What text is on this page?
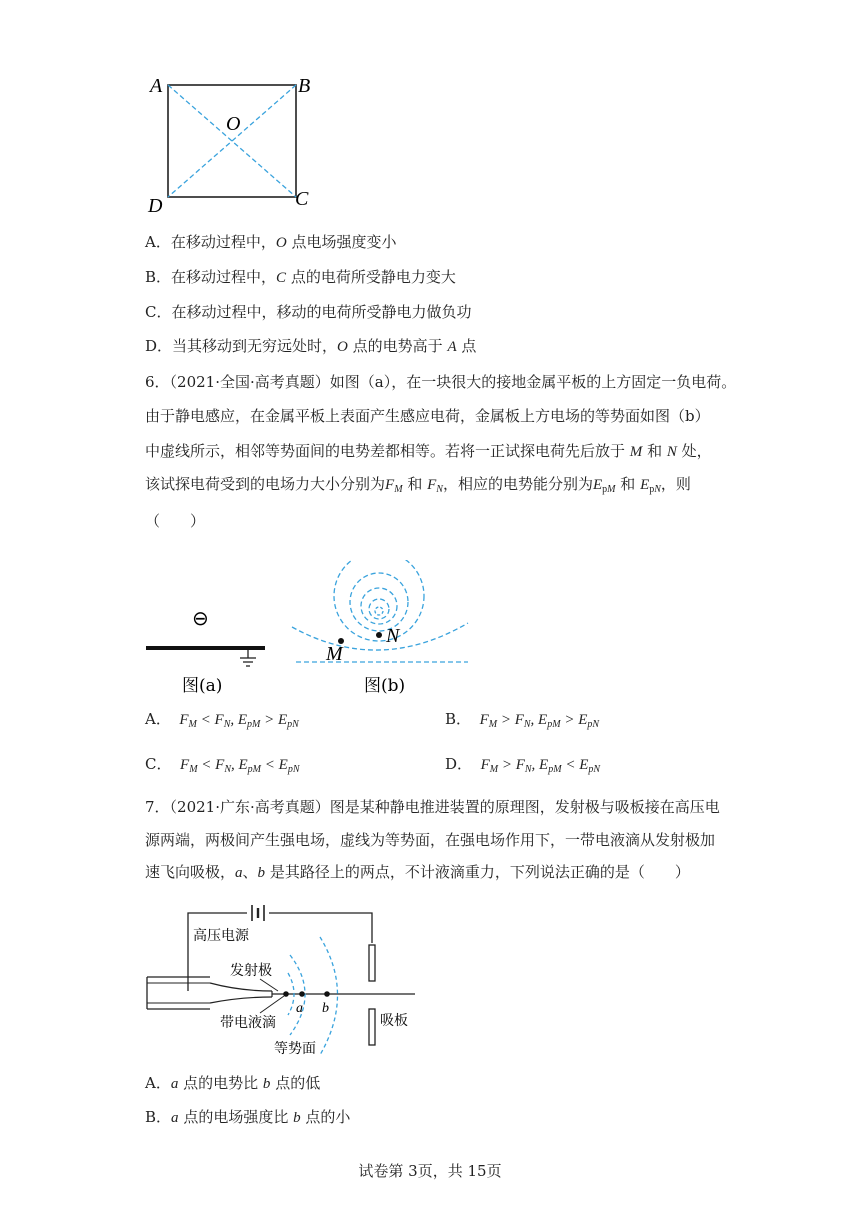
A	B
O
C
D
A．在移动过程中，O 点电场强度变小
B．在移动过程中，C 点的电荷所受静电力变大
C．在移动过程中，移动的电荷所受静电力做负功
D．当其移动到无穷远处时，O 点的电势高于 A 点
6．（2021·全国·高考真题）如图（a），在一块很大的接地金属平板的上方固定一负电荷。
由于静电感应，在金属平板上表面产生感应电荷，金属板上方电场的等势面如图（b）
中虚线所示，相邻等势面间的电势差都相等。若将一正试探电荷先后放于 M 和 N 处，
该试探电荷受到的电场力大小分别为$F_M$ 和 $F_N$，相应的电势能分别为$E_{pM}$ 和 $E_{pN}$，则
（　　）
⊖
图(a)
N
M
图(b)
A．  $F_M < F_N$, $E_{pM} > E_{pN}$	B．  $F_M > F_N$, $E_{pM} > E_{pN}$
C．  $F_M < F_N$, $E_{pM} < E_{pN}$	D．  $F_M > F_N$, $E_{pM} < E_{pN}$
7．（2021·广东·高考真题）图是某种静电推进装置的原理图，发射极与吸板接在高压电
源两端，两极间产生强电场，虚线为等势面，在强电场作用下，一带电液滴从发射极加
速飞向吸极，a、b 是其路径上的两点，不计液滴重力，下列说法正确的是（　　）
高压电源
吸板
a b
发射极
带电液滴
等势面
A．a 点的电势比 b 点的低
B．a 点的电场强度比 b 点的小
试卷第 3页，共 15页
